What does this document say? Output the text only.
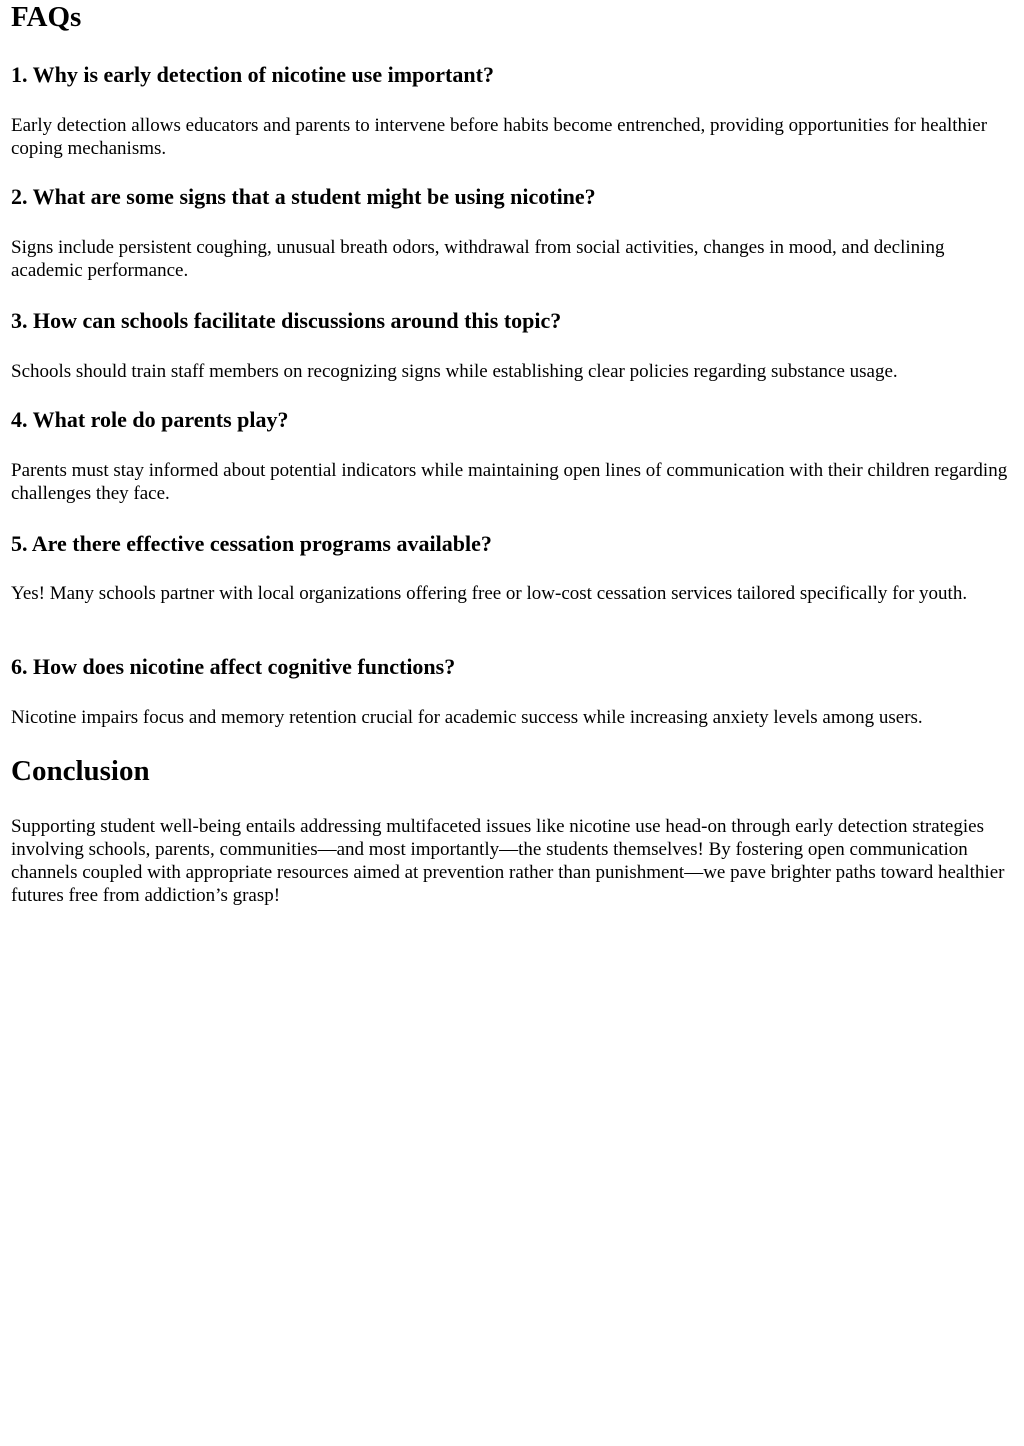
FAQs
1. Why is early detection of nicotine use important?

Early detection allows educators and parents to intervene before habits become entrenched, providing opportunities for healthier coping mechanisms.

2. What are some signs that a student might be using nicotine?

Signs include persistent coughing, unusual breath odors, withdrawal from social activities, changes in mood, and declining academic performance.

3. How can schools facilitate discussions around this topic?

Schools should train staff members on recognizing signs while establishing clear policies regarding substance usage.

4. What role do parents play?

Parents must stay informed about potential indicators while maintaining open lines of communication with their children regarding challenges they face.

5. Are there effective cessation programs available?

Yes! Many schools partner with local organizations offering free or low-cost cessation services tailored specifically for youth.

6. How does nicotine affect cognitive functions?

Nicotine impairs focus and memory retention crucial for academic success while increasing anxiety levels among users.

Conclusion

Supporting student well-being entails addressing multifaceted issues like nicotine use head-on through early detection strategies involving schools, parents, communities—and most importantly—the students themselves! By fostering open communication channels coupled with appropriate resources aimed at prevention rather than punishment—we pave brighter paths toward healthier futures free from addiction’s grasp!
